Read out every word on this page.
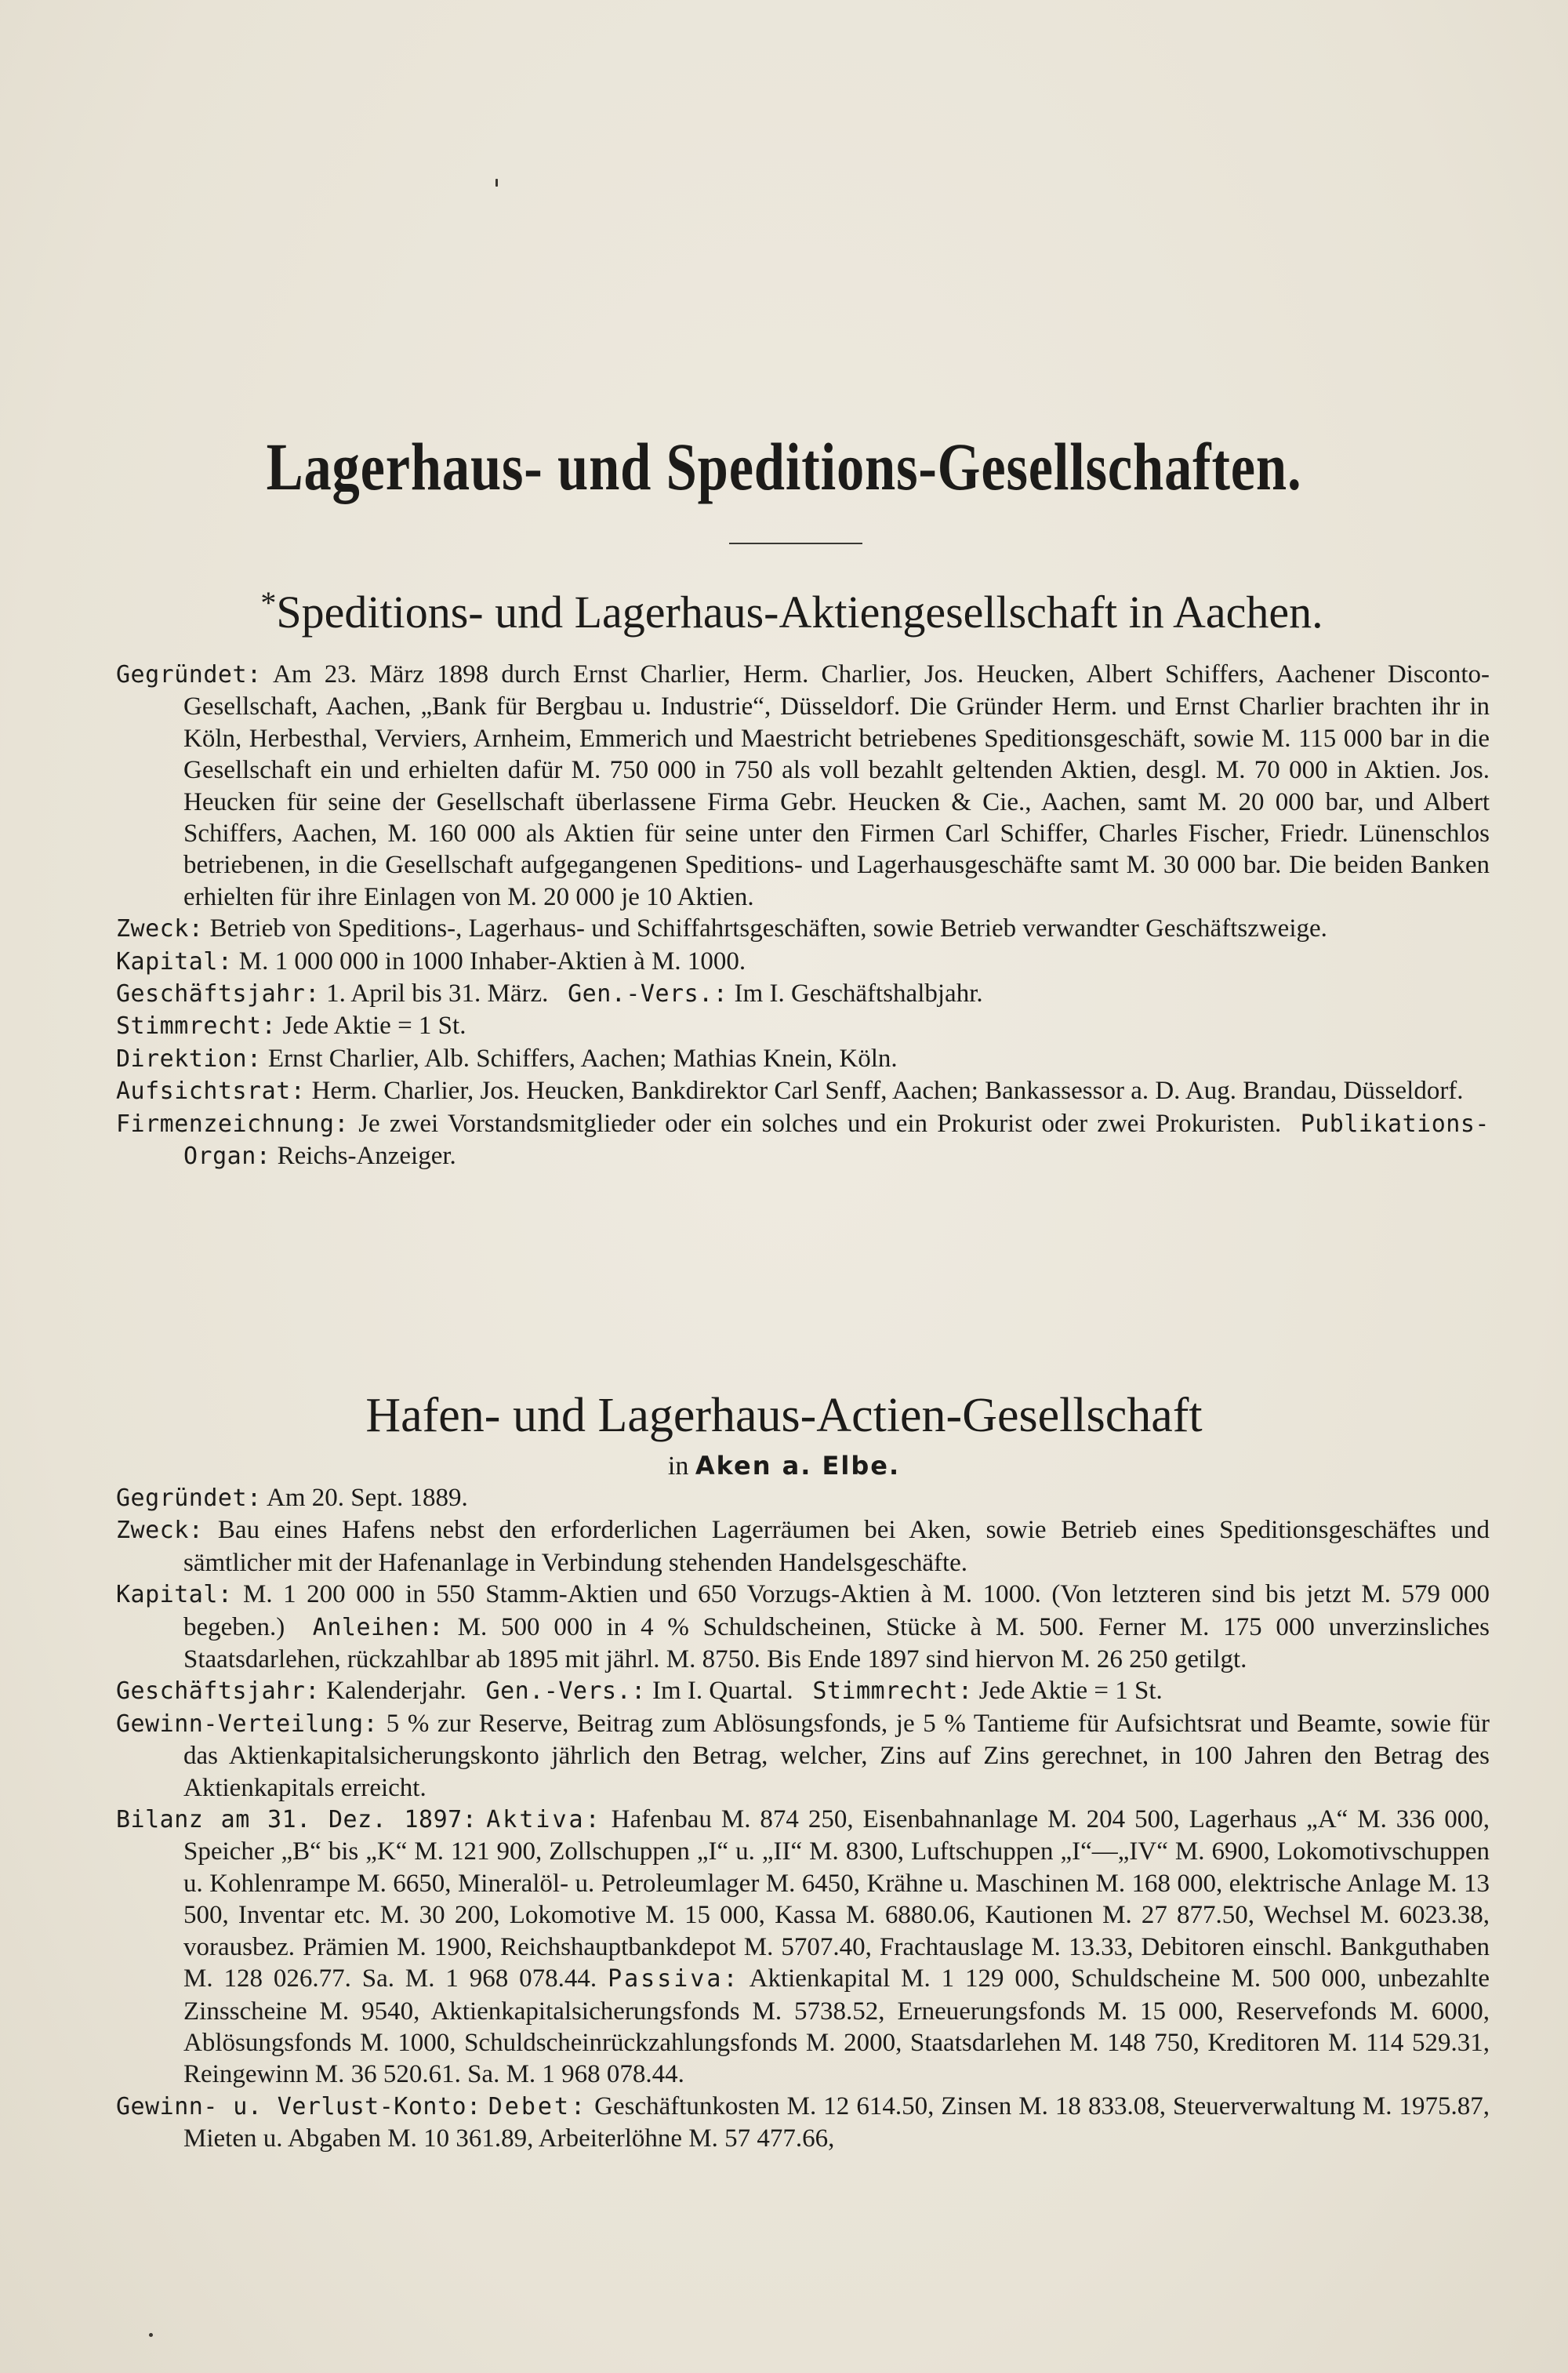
Lagerhaus- und Speditions-Gesellschaften.
*Speditions- und Lagerhaus-Aktiengesellschaft in Aachen.

Gegründet: Am 23. März 1898 durch Ernst Charlier, Herm. Charlier, Jos. Heucken, Albert Schiffers, Aachener Disconto-Gesellschaft, Aachen, „Bank für Bergbau u. Industrie“, Düsseldorf. Die Gründer Herm. und Ernst Charlier brachten ihr in Köln, Herbesthal, Verviers, Arnheim, Emmerich und Maestricht betriebenes Speditionsgeschäft, sowie M. 115 000 bar in die Gesellschaft ein und erhielten dafür M. 750 000 in 750 als voll bezahlt geltenden Aktien, desgl. M. 70 000 in Aktien. Jos. Heucken für seine der Gesellschaft überlassene Firma Gebr. Heucken & Cie., Aachen, samt M. 20 000 bar, und Albert Schiffers, Aachen, M. 160 000 als Aktien für seine unter den Firmen Carl Schiffer, Charles Fischer, Friedr. Lünenschlos betriebenen, in die Gesellschaft aufgegangenen Speditions- und Lagerhausgeschäfte samt M. 30 000 bar. Die beiden Banken erhielten für ihre Einlagen von M. 20 000 je 10 Aktien.

Zweck: Betrieb von Speditions-, Lagerhaus- und Schiffahrtsgeschäften, sowie Betrieb verwandter Geschäftszweige.

Kapital: M. 1 000 000 in 1000 Inhaber-Aktien à M. 1000.

Geschäftsjahr: 1. April bis 31. März. Gen.-Vers.: Im I. Geschäftshalbjahr.

Stimmrecht: Jede Aktie = 1 St.

Direktion: Ernst Charlier, Alb. Schiffers, Aachen; Mathias Knein, Köln.

Aufsichtsrat: Herm. Charlier, Jos. Heucken, Bankdirektor Carl Senff, Aachen; Bankassessor a. D. Aug. Brandau, Düsseldorf.

Firmenzeichnung: Je zwei Vorstandsmitglieder oder ein solches und ein Prokurist oder zwei Prokuristen. Publikations-Organ: Reichs-Anzeiger.

Hafen- und Lagerhaus-Actien-Gesellschaft
in Aken a. Elbe.

Gegründet: Am 20. Sept. 1889.

Zweck: Bau eines Hafens nebst den erforderlichen Lagerräumen bei Aken, sowie Betrieb eines Speditionsgeschäftes und sämtlicher mit der Hafenanlage in Verbindung stehenden Handelsgeschäfte.

Kapital: M. 1 200 000 in 550 Stamm-Aktien und 650 Vorzugs-Aktien à M. 1000. (Von letzteren sind bis jetzt M. 579 000 begeben.) Anleihen: M. 500 000 in 4 % Schuldscheinen, Stücke à M. 500. Ferner M. 175 000 unverzinsliches Staatsdarlehen, rückzahlbar ab 1895 mit jährl. M. 8750. Bis Ende 1897 sind hiervon M. 26 250 getilgt.

Geschäftsjahr: Kalenderjahr. Gen.-Vers.: Im I. Quartal. Stimmrecht: Jede Aktie = 1 St.

Gewinn-Verteilung: 5 % zur Reserve, Beitrag zum Ablösungsfonds, je 5 % Tantieme für Aufsichtsrat und Beamte, sowie für das Aktienkapitalsicherungskonto jährlich den Betrag, welcher, Zins auf Zins gerechnet, in 100 Jahren den Betrag des Aktienkapitals erreicht.

Bilanz am 31. Dez. 1897: Aktiva: Hafenbau M. 874 250, Eisenbahnanlage M. 204 500, Lagerhaus „A“ M. 336 000, Speicher „B“ bis „K“ M. 121 900, Zollschuppen „I“ u. „II“ M. 8300, Luftschuppen „I“—„IV“ M. 6900, Lokomotivschuppen u. Kohlenrampe M. 6650, Mineralöl- u. Petroleumlager M. 6450, Krähne u. Maschinen M. 168 000, elektrische Anlage M. 13 500, Inventar etc. M. 30 200, Lokomotive M. 15 000, Kassa M. 6880.06, Kautionen M. 27 877.50, Wechsel M. 6023.38, vorausbez. Prämien M. 1900, Reichshauptbankdepot M. 5707.40, Frachtauslage M. 13.33, Debitoren einschl. Bankguthaben M. 128 026.77. Sa. M. 1 968 078.44. Passiva: Aktienkapital M. 1 129 000, Schuldscheine M. 500 000, unbezahlte Zinsscheine M. 9540, Aktienkapitalsicherungsfonds M. 5738.52, Erneuerungsfonds M. 15 000, Reservefonds M. 6000, Ablösungsfonds M. 1000, Schuldscheinrückzahlungsfonds M. 2000, Staatsdarlehen M. 148 750, Kreditoren M. 114 529.31, Reingewinn M. 36 520.61. Sa. M. 1 968 078.44.

Gewinn- u. Verlust-Konto: Debet: Geschäftunkosten M. 12 614.50, Zinsen M. 18 833.08, Steuerverwaltung M. 1975.87, Mieten u. Abgaben M. 10 361.89, Arbeiterlöhne M. 57 477.66,
